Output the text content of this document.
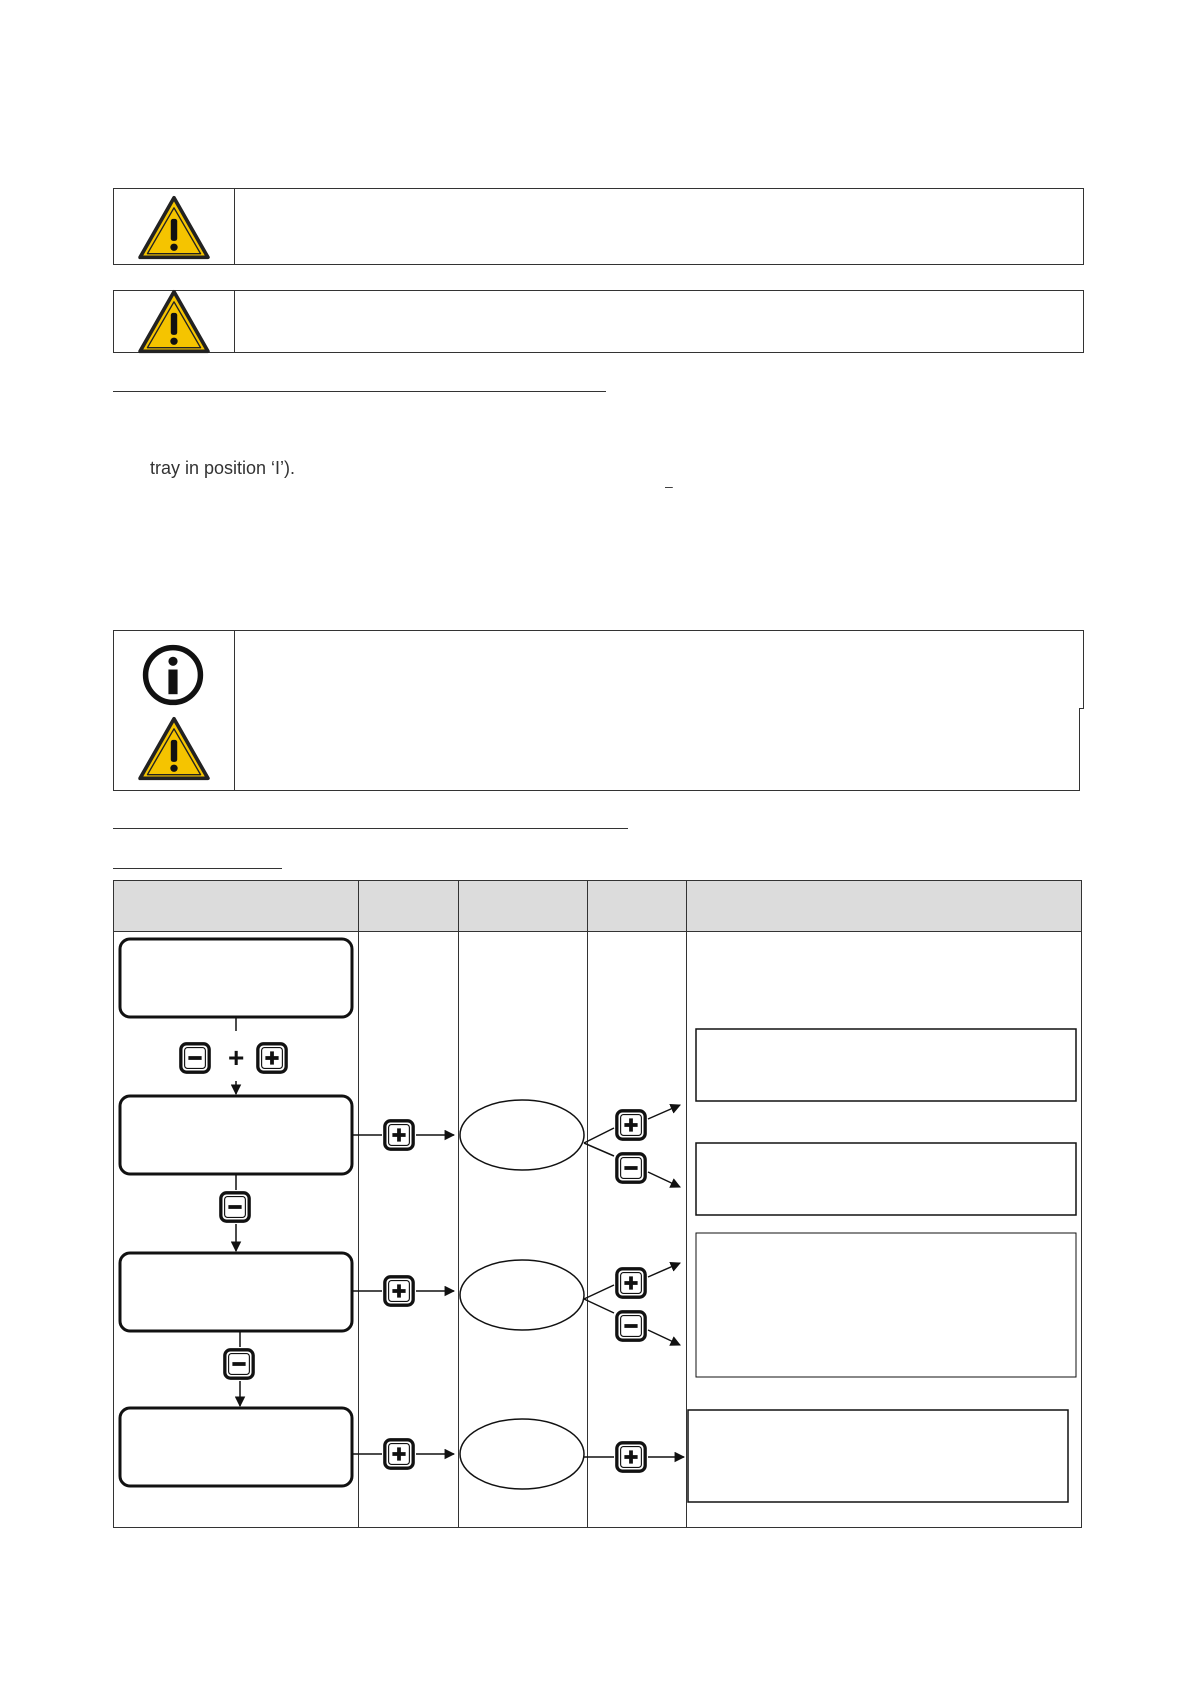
tray in position ‘I’).
–
+
